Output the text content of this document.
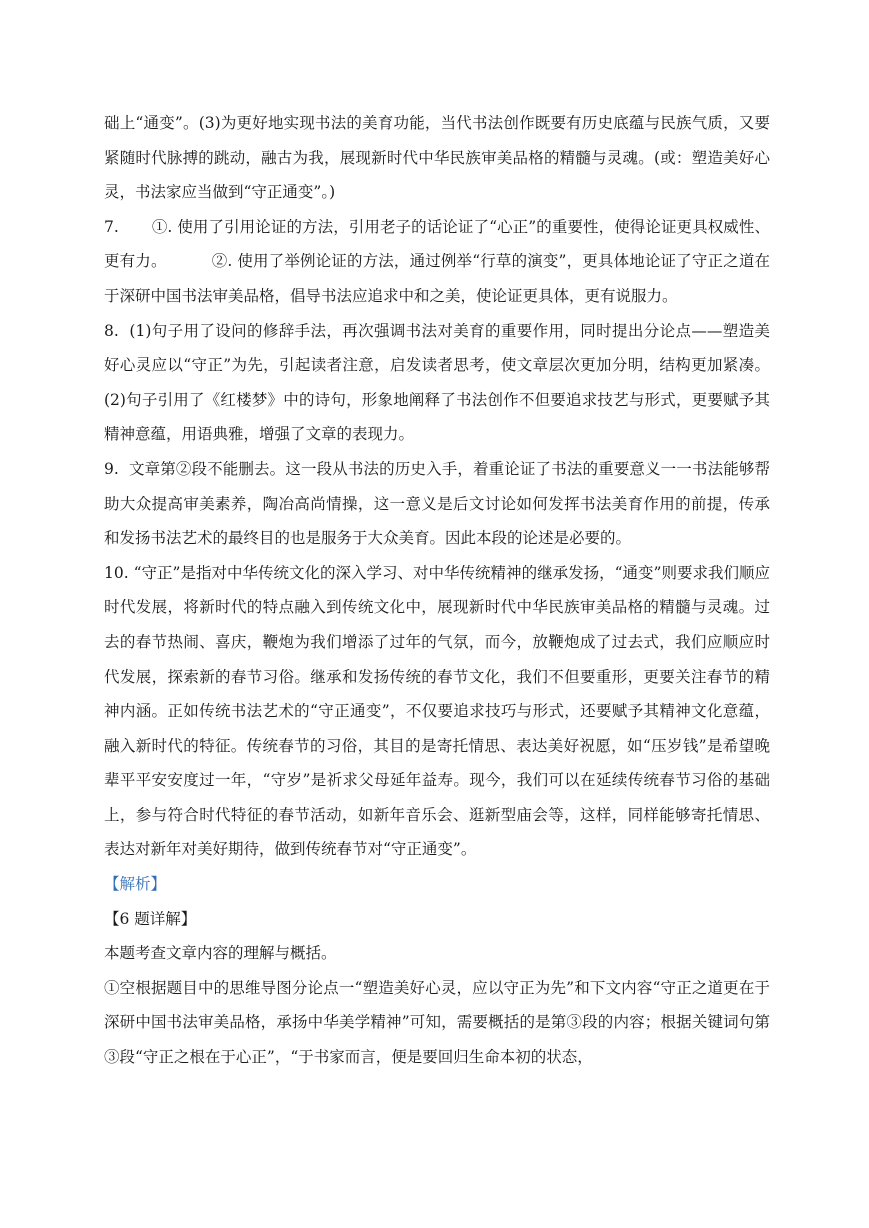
础上“通变”。(3)为更好地实现书法的美育功能，当代书法创作既要有历史底蕴与民族气质，又要紧随时代脉搏的跳动，融古为我，展现新时代中华民族审美品格的精髓与灵魂。(或：塑造美好心灵，书法家应当做到“守正通变”。)

7. ①. 使用了引用论证的方法，引用老子的话论证了“心正”的重要性，使得论证更具权威性、更有力。	②. 使用了举例论证的方法，通过例举“行草的演变”，更具体地论证了守正之道在于深研中国书法审美品格，倡导书法应追求中和之美，使论证更具体，更有说服力。

8. (1)句子用了设问的修辞手法，再次强调书法对美育的重要作用，同时提出分论点——塑造美好心灵应以“守正”为先，引起读者注意，启发读者思考，使文章层次更加分明，结构更加紧凑。(2)句子引用了《红楼梦》中的诗句，形象地阐释了书法创作不但要追求技艺与形式，更要赋予其精神意蕴，用语典雅，增强了文章的表现力。

9. 文章第②段不能删去。这一段从书法的历史入手，着重论证了书法的重要意义一一书法能够帮助大众提高审美素养，陶冶高尚情操，这一意义是后文讨论如何发挥书法美育作用的前提，传承和发扬书法艺术的最终目的也是服务于大众美育。因此本段的论述是必要的。

10. “守正”是指对中华传统文化的深入学习、对中华传统精神的继承发扬，“通变”则要求我们顺应时代发展，将新时代的特点融入到传统文化中，展现新时代中华民族审美品格的精髓与灵魂。过去的春节热闹、喜庆，鞭炮为我们增添了过年的气氛，而今，放鞭炮成了过去式，我们应顺应时代发展，探索新的春节习俗。继承和发扬传统的春节文化，我们不但要重形，更要关注春节的精神内涵。正如传统书法艺术的“守正通变”，不仅要追求技巧与形式，还要赋予其精神文化意蕴，融入新时代的特征。传统春节的习俗，其目的是寄托情思、表达美好祝愿，如“压岁钱”是希望晚辈平平安安度过一年，“守岁”是祈求父母延年益寿。现今，我们可以在延续传统春节习俗的基础上，参与符合时代特征的春节活动，如新年音乐会、逛新型庙会等，这样，同样能够寄托情思、表达对新年对美好期待，做到传统春节对“守正通变”。

【解析】

【6 题详解】

本题考查文章内容的理解与概括。

①空根据题目中的思维导图分论点一“塑造美好心灵，应以守正为先”和下文内容“守正之道更在于深研中国书法审美品格，承扬中华美学精神”可知，需要概括的是第③段的内容；根据关键词句第③段“守正之根在于心正”，“于书家而言，便是要回归生命本初的状态，
